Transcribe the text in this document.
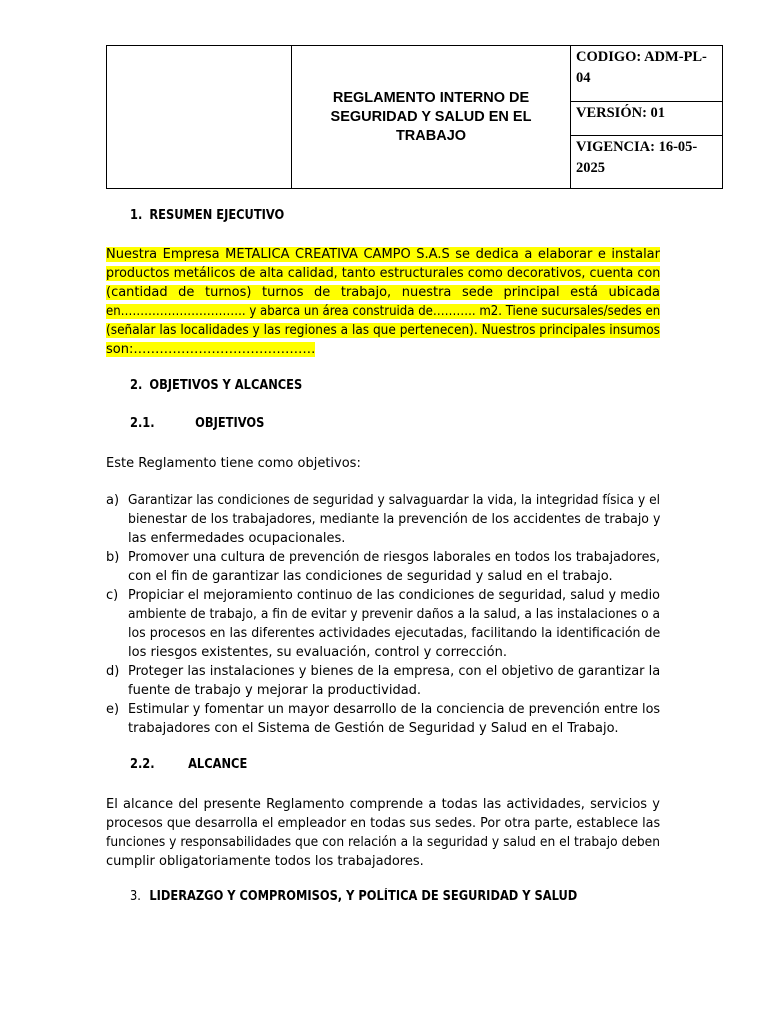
REGLAMENTO INTERNO DE SEGURIDAD Y SALUD EN EL TRABAJO
CODIGO: ADM-PL-04
VERSIÓN: 01
VIGENCIA: 16-05-2025
1. RESUMEN EJECUTIVO
Nuestra Empresa METALICA CREATIVA CAMPO S.A.S se dedica a elaborar e instalar
productos metálicos de alta calidad, tanto estructurales como decorativos, cuenta con
(cantidad de turnos) turnos de trabajo, nuestra sede principal está ubicada
en………………………….. y abarca un área construida de……….. m2. Tiene sucursales/sedes en
(señalar las localidades y las regiones a las que pertenecen). Nuestros principales insumos
son:……………………………………
2. OBJETIVOS Y ALCANCES
2.1.	OBJETIVOS
Este Reglamento tiene como objetivos:
a) Garantizar las condiciones de seguridad y salvaguardar la vida, la integridad física y el
bienestar de los trabajadores, mediante la prevención de los accidentes de trabajo y
las enfermedades ocupacionales.
b) Promover una cultura de prevención de riesgos laborales en todos los trabajadores,
con el fin de garantizar las condiciones de seguridad y salud en el trabajo.
c) Propiciar el mejoramiento continuo de las condiciones de seguridad, salud y medio
ambiente de trabajo, a fin de evitar y prevenir daños a la salud, a las instalaciones o a
los procesos en las diferentes actividades ejecutadas, facilitando la identificación de
los riesgos existentes, su evaluación, control y corrección.
d) Proteger las instalaciones y bienes de la empresa, con el objetivo de garantizar la
fuente de trabajo y mejorar la productividad.
e) Estimular y fomentar un mayor desarrollo de la conciencia de prevención entre los
trabajadores con el Sistema de Gestión de Seguridad y Salud en el Trabajo.
2.2.	ALCANCE
El alcance del presente Reglamento comprende a todas las actividades, servicios y
procesos que desarrolla el empleador en todas sus sedes. Por otra parte, establece las
funciones y responsabilidades que con relación a la seguridad y salud en el trabajo deben
cumplir obligatoriamente todos los trabajadores.
3. LIDERAZGO Y COMPROMISOS, Y POLÍTICA DE SEGURIDAD Y SALUD
